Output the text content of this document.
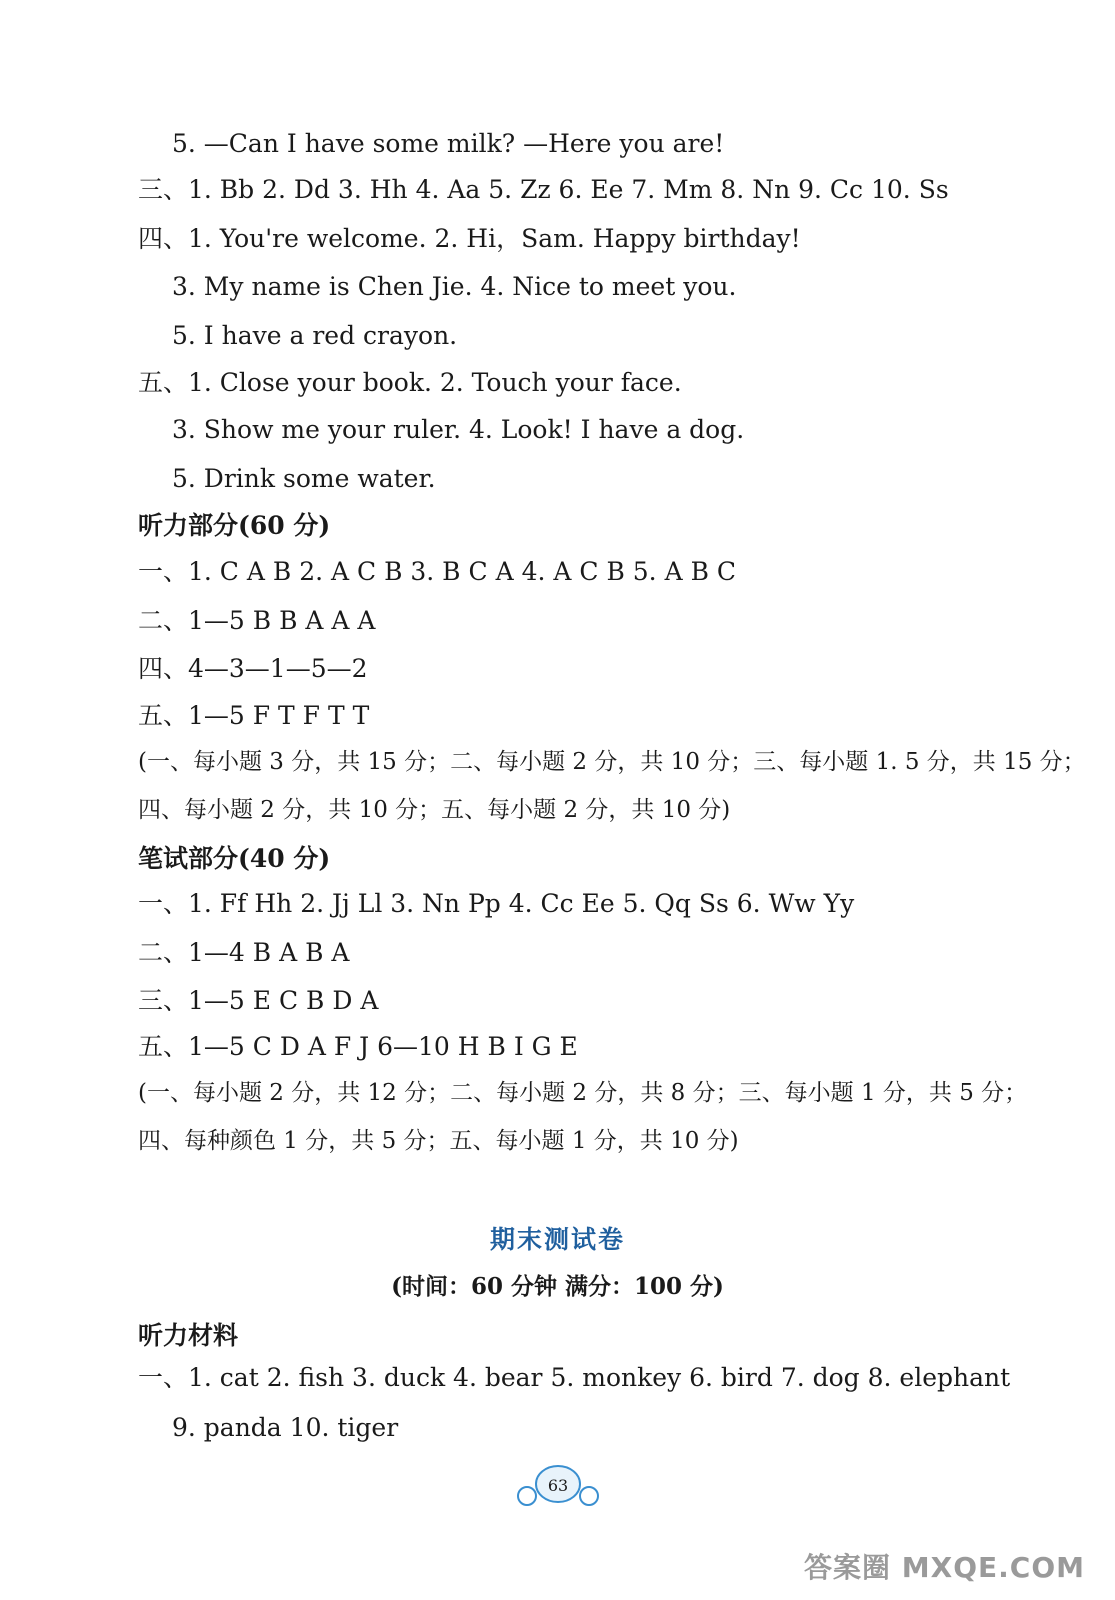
5. —Can I have some milk? —Here you are!
三、1. Bb 2. Dd 3. Hh 4. Aa 5. Zz 6. Ee 7. Mm 8. Nn 9. Cc 10. Ss
四、1. You're welcome. 2. Hi，Sam. Happy birthday!
3. My name is Chen Jie. 4. Nice to meet you.
5. I have a red crayon.
五、1. Close your book. 2. Touch your face.
3. Show me your ruler. 4. Look! I have a dog.
5. Drink some water.
听力部分(60 分)
一、1. C A B 2. A C B 3. B C A 4. A C B 5. A B C
二、1—5 B B A A A
四、4—3—1—5—2
五、1—5 F T F T T
(一、每小题 3 分，共 15 分；二、每小题 2 分，共 10 分；三、每小题 1. 5 分，共 15 分；
四、每小题 2 分，共 10 分；五、每小题 2 分，共 10 分)
笔试部分(40 分)
一、1. Ff Hh 2. Jj Ll 3. Nn Pp 4. Cc Ee 5. Qq Ss 6. Ww Yy
二、1—4 B A B A
三、1—5 E C B D A
五、1—5 C D A F J 6—10 H B I G E
(一、每小题 2 分，共 12 分；二、每小题 2 分，共 8 分；三、每小题 1 分，共 5 分；
四、每种颜色 1 分，共 5 分；五、每小题 1 分，共 10 分)
期末测试卷
(时间：60 分钟 满分：100 分)
听力材料
一、1. cat 2. fish 3. duck 4. bear 5. monkey 6. bird 7. dog 8. elephant
9. panda 10. tiger
63
答案圈 MXQE.COM
